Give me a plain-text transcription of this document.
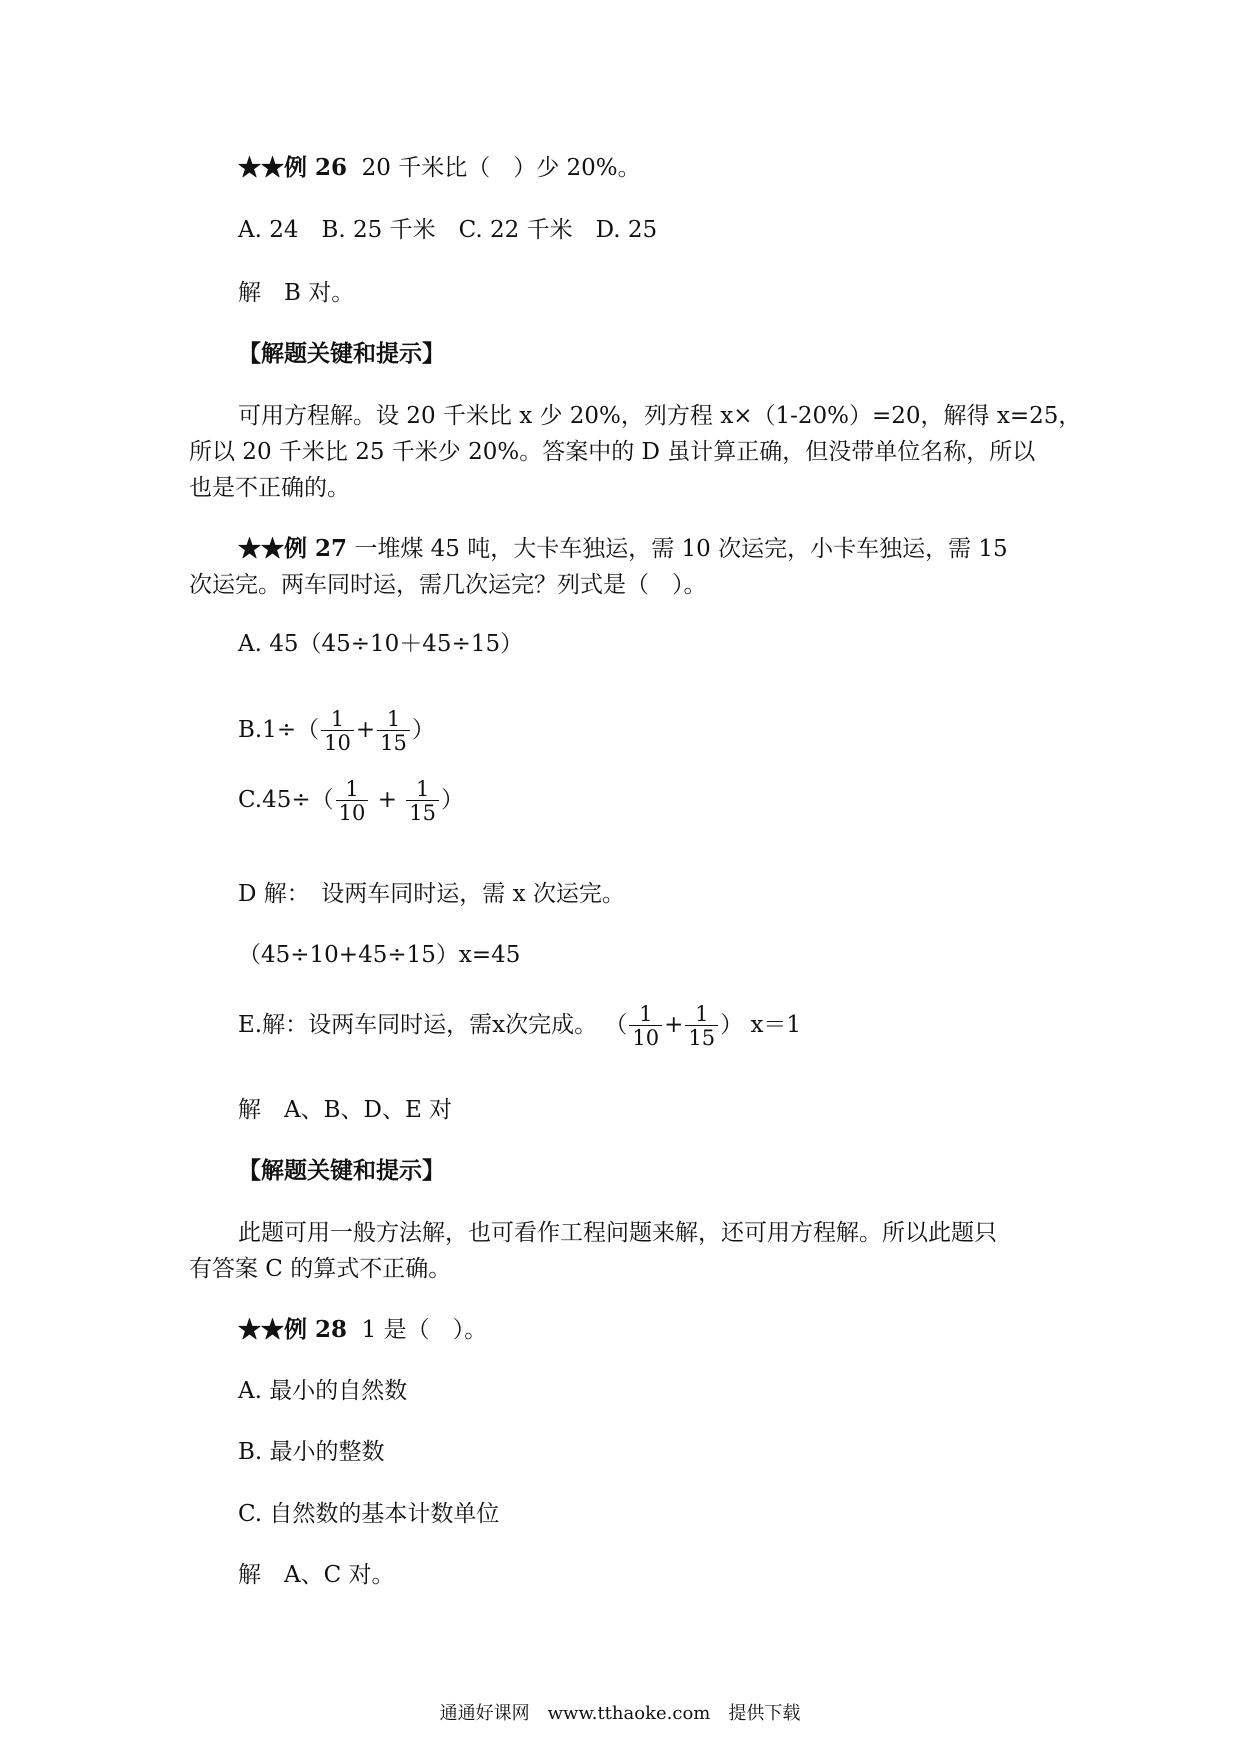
★★例 26 20 千米比（　）少 20%。

A. 24　B. 25 千米　C. 22 千米　D. 25

解　B 对。

【解题关键和提示】

可用方程解。设 20 千米比 x 少 20%，列方程 x×（1-20%）=20，解得 x=25，

所以 20 千米比 25 千米少 20%。答案中的 D 虽计算正确，但没带单位名称，所以

也是不正确的。

★★例 27 一堆煤 45 吨，大卡车独运，需 10 次运完，小卡车独运，需 15

次运完。两车同时运，需几次运完？列式是（　）。

A. 45（45÷10＋45÷15）

$B.1\div( \frac{1}{10} + \frac{1}{15}$ ）
$C.45\div( \frac{1}{10} + \frac{1}{15}$ ）

D 解：　设两车同时运，需 x 次运完。

（45÷10+45÷15）x=45

E.解：设两车同时运，需x次完成。 （ $\frac{1}{10} + \frac{1}{15}$ ） x＝1

解　A、B、D、E 对

【解题关键和提示】

此题可用一般方法解，也可看作工程问题来解，还可用方程解。所以此题只

有答案 C 的算式不正确。

★★例 28 1 是（　）。

A. 最小的自然数

B. 最小的整数

C. 自然数的基本计数单位

解　A、C 对。

通通好课网　www.tthaoke.com　提供下载
